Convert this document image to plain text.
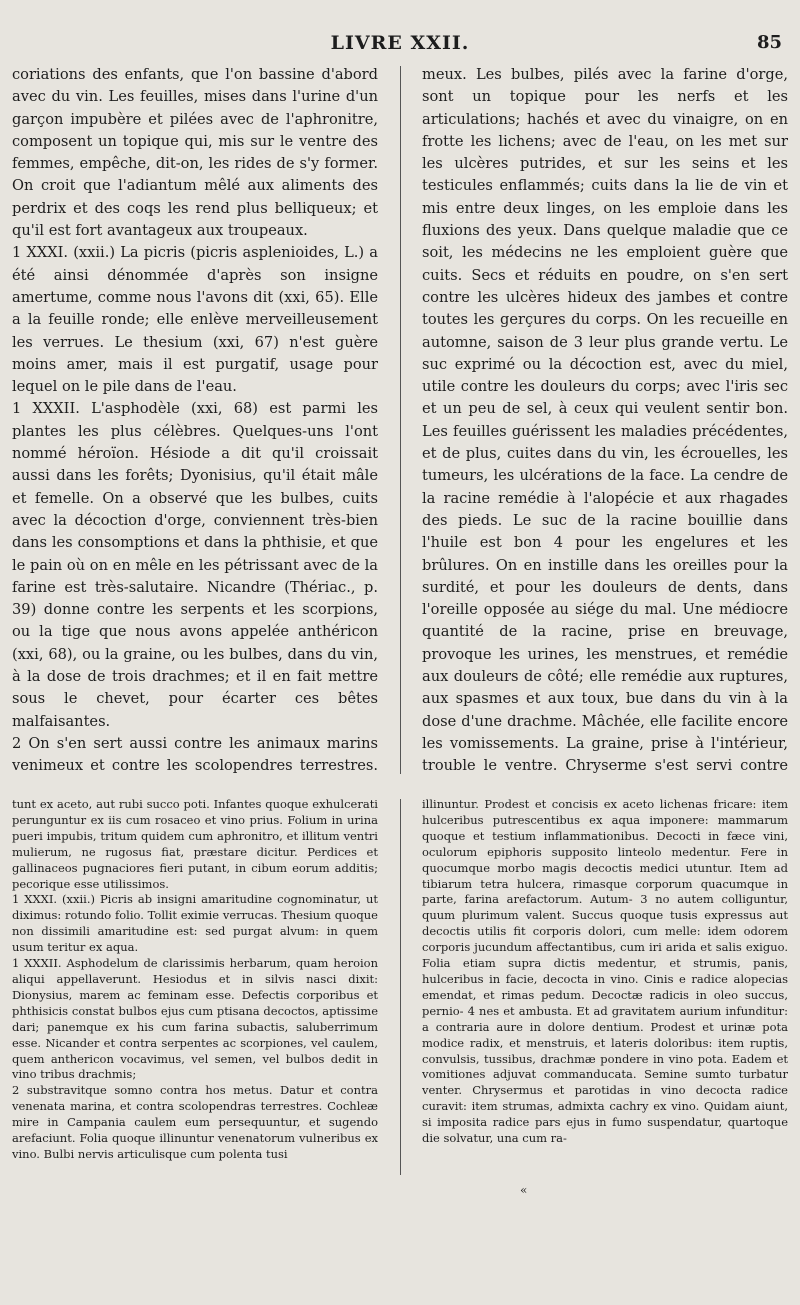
LIVRE XXII.	85

coriations des enfants, que l'on bassine d'abord avec du vin. Les feuilles, mises dans l'urine d'un garçon impubère et pilées avec de l'aphronitre, composent un topique qui, mis sur le ventre des femmes, empêche, dit-on, les rides de s'y former. On croit que l'adiantum mêlé aux aliments des perdrix et des coqs les rend plus belliqueux; et qu'il est fort avantageux aux troupeaux.

1 XXXI. (xxii.) La picris (picris asplenioides, L.) a été ainsi dénommée d'après son insigne amertume, comme nous l'avons dit (xxi, 65). Elle a la feuille ronde; elle enlève merveilleusement les verrues. Le thesium (xxi, 67) n'est guère moins amer, mais il est purgatif, usage pour lequel on le pile dans de l'eau.

1 XXXII. L'asphodèle (xxi, 68) est parmi les plantes les plus célèbres. Quelques-uns l'ont nommé héroïon. Hésiode a dit qu'il croissait aussi dans les forêts; Dyonisius, qu'il était mâle et femelle. On a observé que les bulbes, cuits avec la décoction d'orge, conviennent très-bien dans les consomptions et dans la phthisie, et que le pain où on en mêle en les pétrissant avec de la farine est très-salutaire. Nicandre (Thériac., p. 39) donne contre les serpents et les scorpions, ou la tige que nous avons appelée anthéricon (xxi, 68), ou la graine, ou les bulbes, dans du vin, à la dose de trois drachmes; et il en fait mettre sous le chevet, pour écarter ces bêtes malfaisantes.

2 On s'en sert aussi contre les animaux marins venimeux et contre les scolopendres terrestres.

meux. Les bulbes, pilés avec la farine d'orge, sont un topique pour les nerfs et les articulations; hachés et avec du vinaigre, on en frotte les lichens; avec de l'eau, on les met sur les ulcères putrides, et sur les seins et les testicules enflammés; cuits dans la lie de vin et mis entre deux linges, on les emploie dans les fluxions des yeux. Dans quelque maladie que ce soit, les médecins ne les emploient guère que cuits. Secs et réduits en poudre, on s'en sert contre les ulcères hideux des jambes et contre toutes les gerçures du corps. On les recueille en automne, saison de 3 leur plus grande vertu. Le suc exprimé ou la décoction est, avec du miel, utile contre les douleurs du corps; avec l'iris sec et un peu de sel, à ceux qui veulent sentir bon. Les feuilles guérissent les maladies précédentes, et de plus, cuites dans du vin, les écrouelles, les tumeurs, les ulcérations de la face. La cendre de la racine remédie à l'alopécie et aux rhagades des pieds. Le suc de la racine bouillie dans l'huile est bon 4 pour les engelures et les brûlures. On en instille dans les oreilles pour la surdité, et pour les douleurs de dents, dans l'oreille opposée au siége du mal. Une médiocre quantité de la racine, prise en breuvage, provoque les urines, les menstrues, et remédie aux douleurs de côté; elle remédie aux ruptures, aux spasmes et aux toux, bue dans du vin à la dose d'une drachme. Mâchée, elle facilite encore les vomissements. La graine, prise à l'intérieur, trouble le ventre. Chrysermе s'est servi contre

tunt ex aceto, aut rubi succo poti. Infantes quoque exhulcerati perunguntur ex iis cum rosaceo et vino prius. Folium in urina pueri impubis, tritum quidem cum aphronitro, et illitum ventri mulierum, ne rugosus fiat, præstare dicitur. Perdices et gallinaceos pugnaciores fieri putant, in cibum eorum additis; pecorique esse utilissimos.

1 XXXI. (xxii.) Picris ab insigni amaritudine cognominatur, ut diximus: rotundo folio. Tollit eximie verrucas. Thesium quoque non dissimili amaritudine est: sed purgat alvum: in quem usum teritur ex aqua.

1 XXXII. Asphodelum de clarissimis herbarum, quam heroion aliqui appellaverunt. Hesiodus et in silvis nasci dixit: Dionysius, marem ac feminam esse. Defectis corporibus et phthisicis constat bulbos ejus cum ptisana decoctos, aptissime dari; panemque ex his cum farina subactis, saluberrimum esse. Nicander et contra serpentes ac scorpiones, vel caulem, quem anthericon vocavimus, vel semen, vel bulbos dedit in vino tribus drachmis;

2 substravitque somno contra hos metus. Datur et contra venenata marina, et contra scolopendras terrestres. Cochleæ mire in Campania caulem eum persequuntur, et sugendo arefaciunt. Folia quoque illinuntur venenatorum vulneribus ex vino. Bulbi nervis articulisque cum polenta tusi

illinuntur. Prodest et concisis ex aceto lichenas fricare: item hulceribus putrescentibus ex aqua imponere: mammarum quoque et testium inflammationibus. Decocti in fæce vini, oculorum epiphoris supposito linteolo medentur. Fere in quocumque morbo magis decoctis medici utuntur. Item ad tibiarum tetra hulcera, rimasque corporum quacumque in parte, farina arefactorum. Autum- 3 no autem colliguntur, quum plurimum valent. Succus quoque tusis expressus aut decoctis utilis fit corporis dolori, cum melle: idem odorem corporis jucundum affectantibus, cum iri arida et salis exiguo. Folia etiam supra dictis medentur, et strumis, panis, hulceribus in facie, decocta in vino. Cinis e radice alopecias emendat, et rimas pedum. Decoctæ radicis in oleo succus, pernio- 4 nes et ambusta. Et ad gravitatem aurium infunditur: a contraria aure in dolore dentium. Prodest et urinæ pota modice radix, et menstruis, et lateris doloribus: item ruptis, convulsis, tussibus, drachmæ pondere in vino pota. Eadem et vomitiones adjuvat commanducata. Semine sumto turbatur venter. Chrysermus et parotidas in vino decocta radice curavit: item strumas, admixta cachry ex vino. Quidam aiunt, si imposita radice pars ejus in fumo suspendatur, quartoque die solvatur, una cum ra-

«
